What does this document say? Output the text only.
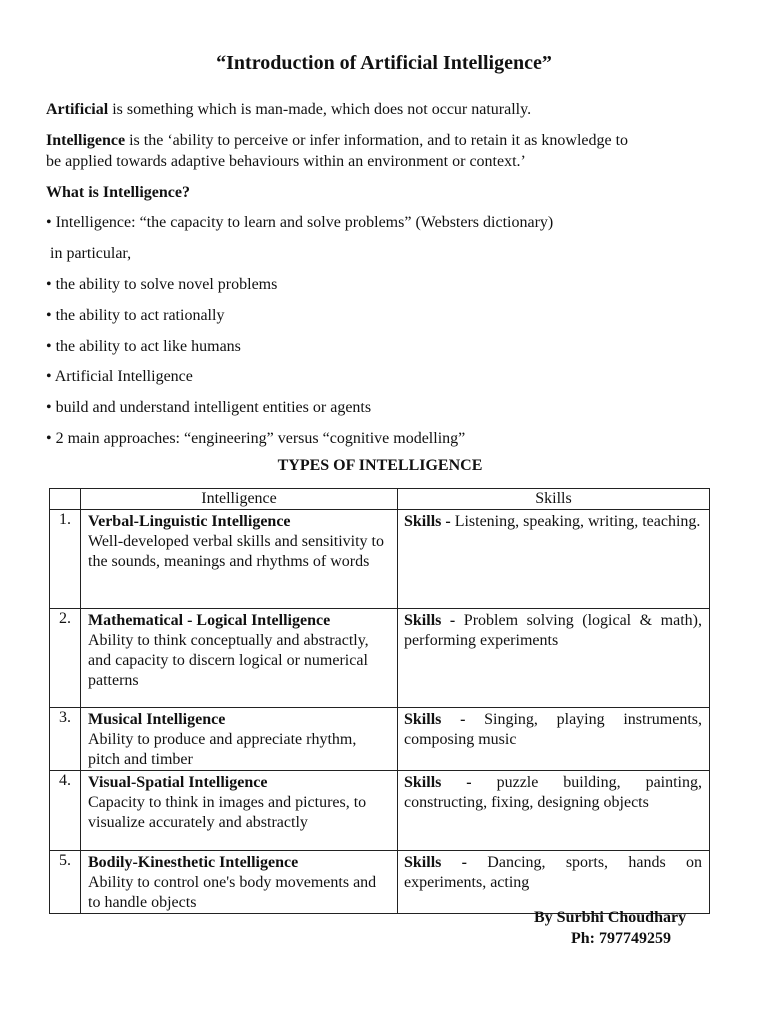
“Introduction of Artificial Intelligence”

Artificial is something which is man-made, which does not occur naturally.

Intelligence is the ‘ability to perceive or infer information, and to retain it as knowledge to

be applied towards adaptive behaviours within an environment or context.’

What is Intelligence?

• Intelligence: “the capacity to learn and solve problems” (Websters dictionary)

in particular,

• the ability to solve novel problems

• the ability to act rationally

• the ability to act like humans

• Artificial Intelligence

• build and understand intelligent entities or agents

• 2 main approaches: “engineering” versus “cognitive modelling”

TYPES OF INTELLIGENCE
	Intelligence	Skills
1.	Verbal-Linguistic Intelligence
Well-developed verbal skills and sensitivity to the sounds, meanings and rhythms of words	Skills - Listening, speaking, writing, teaching.
2.	Mathematical - Logical Intelligence
Ability to think conceptually and abstractly, and capacity to discern logical or numerical patterns	Skills - Problem solving (logical & math), performing experiments
3.	Musical Intelligence
Ability to produce and appreciate rhythm, pitch and timber	Skills - Singing, playing instruments, composing music
4.	Visual-Spatial Intelligence
Capacity to think in images and pictures, to visualize accurately and abstractly	Skills - puzzle building, painting, constructing, fixing, designing objects
5.	Bodily-Kinesthetic Intelligence
Ability to control one's body movements and to handle objects	Skills - Dancing, sports, hands on experiments, acting

By Surbhi Choudhary

Ph: 797749259
